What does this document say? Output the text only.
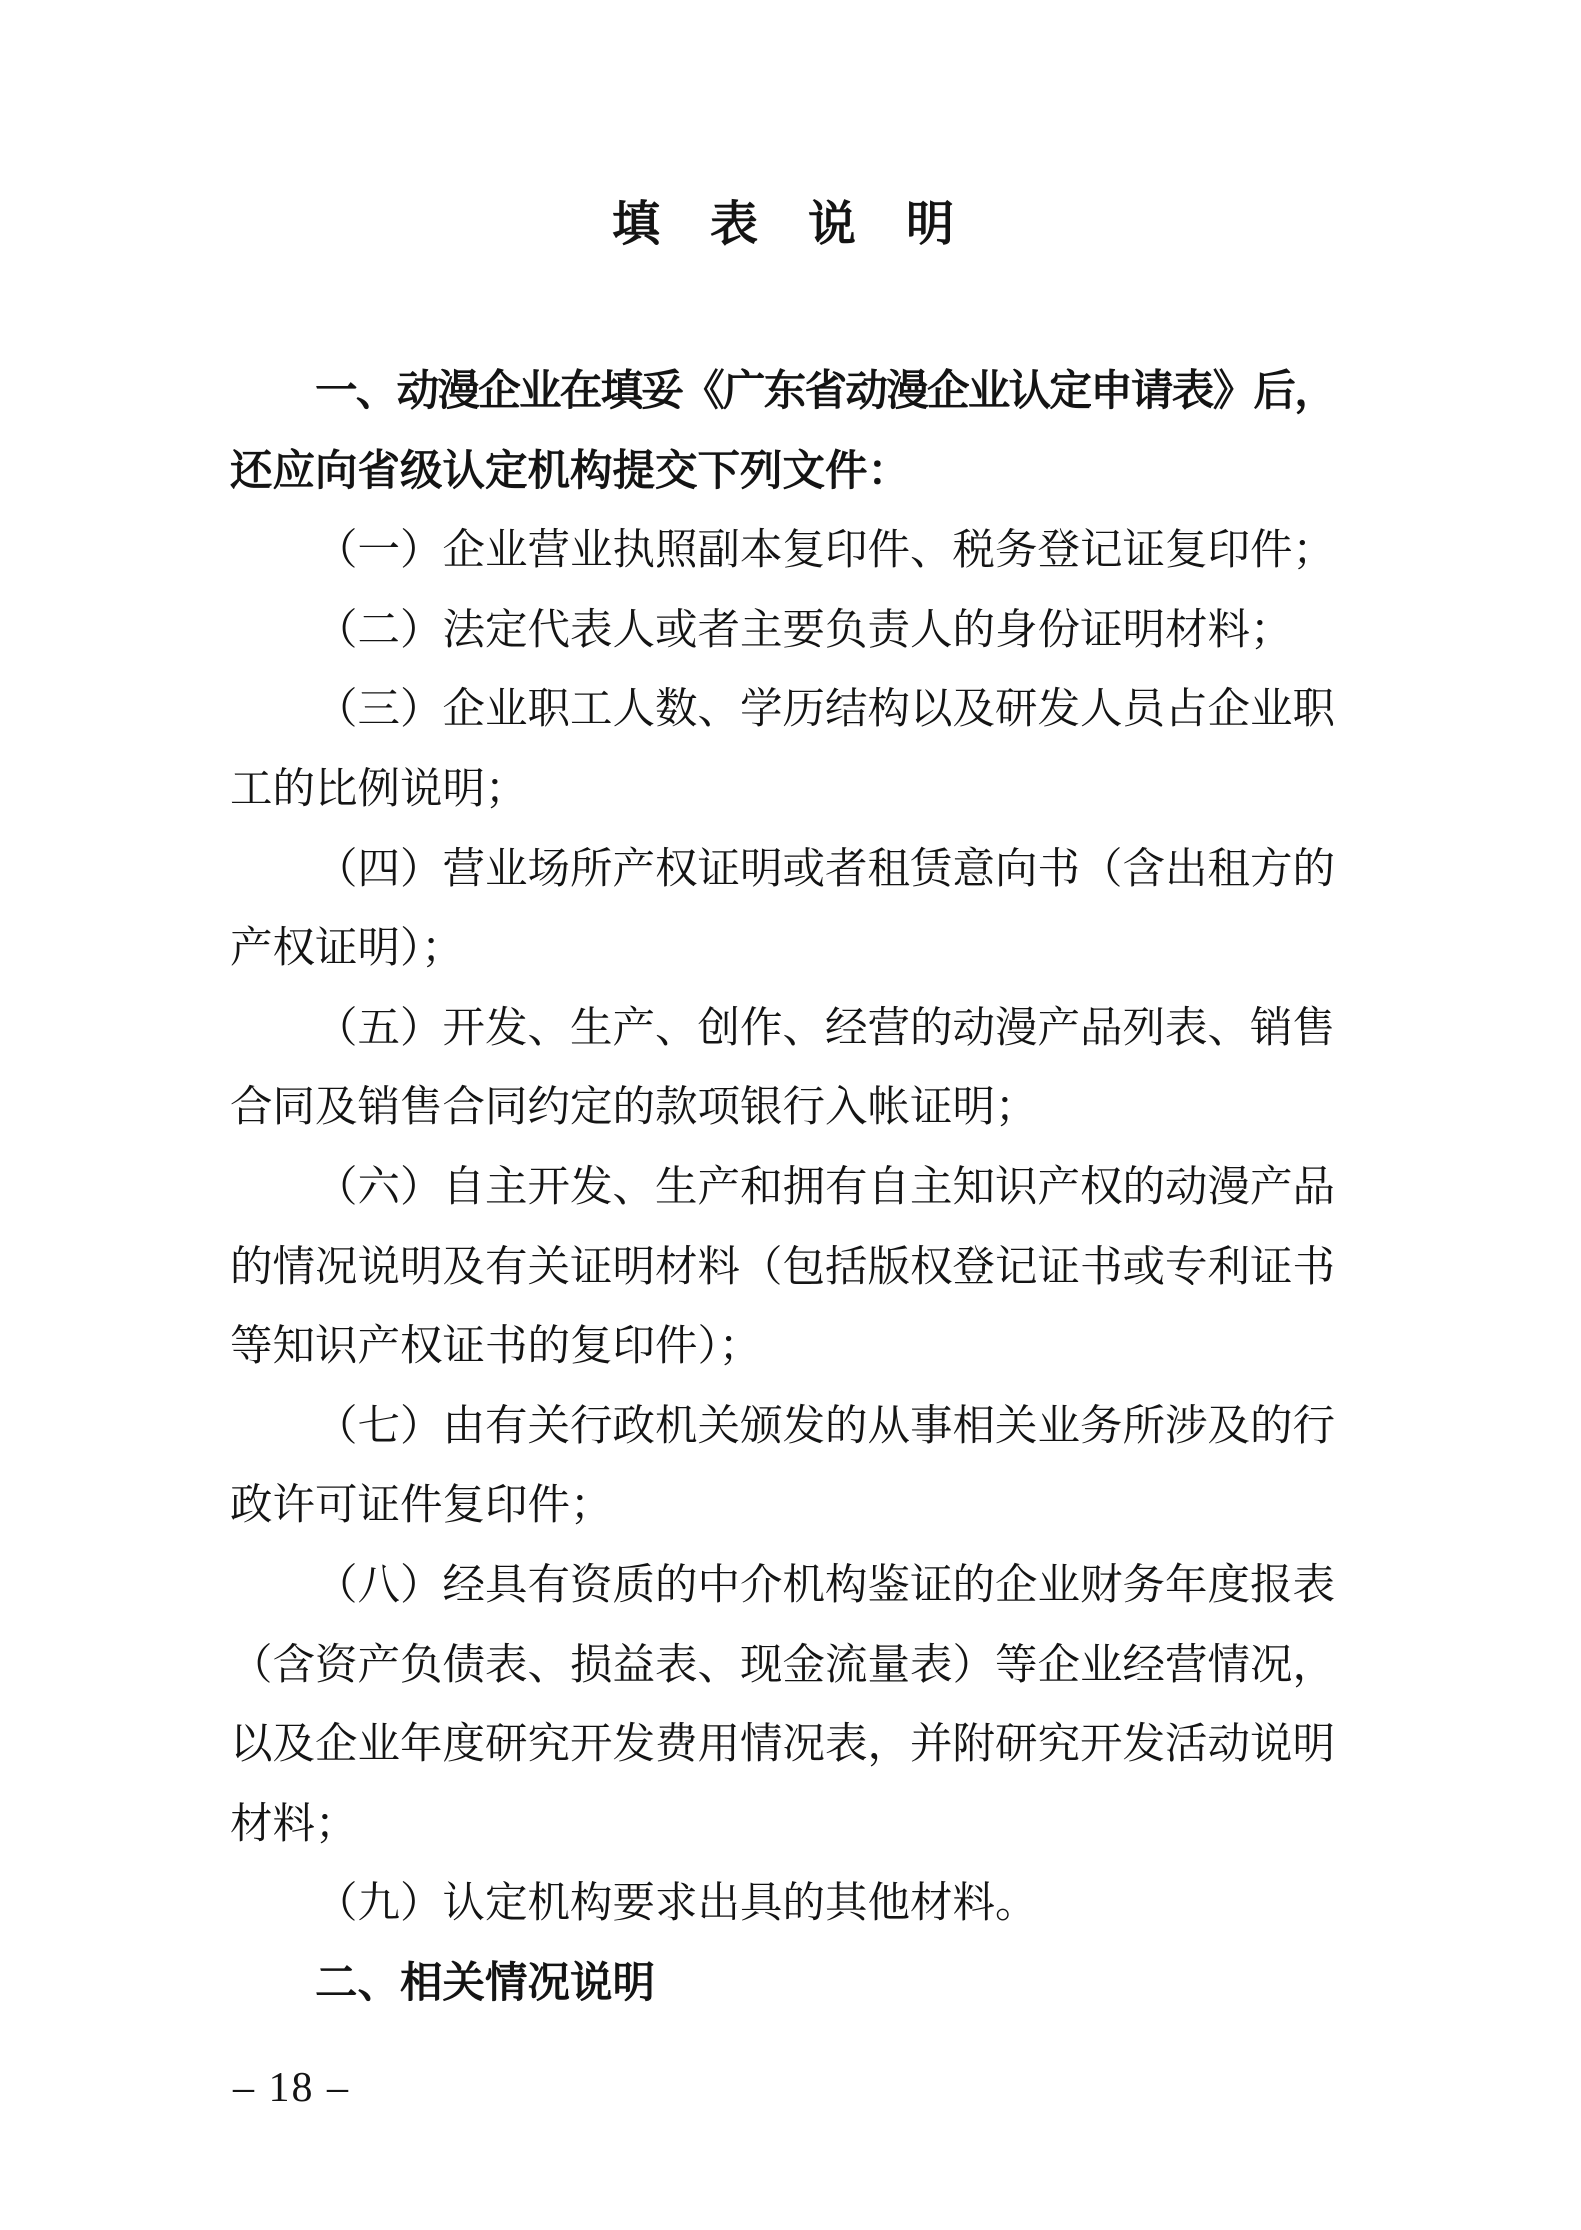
填表说明
一、动漫企业在填妥《广东省动漫企业认定申请表》后，
还应向省级认定机构提交下列文件：
（一）企业营业执照副本复印件、税务登记证复印件；
（二）法定代表人或者主要负责人的身份证明材料；
（三）企业职工人数、学历结构以及研发人员占企业职
工的比例说明；
（四）营业场所产权证明或者租赁意向书（含出租方的
产权证明）；
（五）开发、生产、创作、经营的动漫产品列表、销售
合同及销售合同约定的款项银行入帐证明；
（六）自主开发、生产和拥有自主知识产权的动漫产品
的情况说明及有关证明材料（包括版权登记证书或专利证书
等知识产权证书的复印件）；
（七）由有关行政机关颁发的从事相关业务所涉及的行
政许可证件复印件；
（八）经具有资质的中介机构鉴证的企业财务年度报表
（含资产负债表、损益表、现金流量表）等企业经营情况，
以及企业年度研究开发费用情况表，并附研究开发活动说明
材料；
（九）认定机构要求出具的其他材料。
二、相关情况说明
– 18 –
